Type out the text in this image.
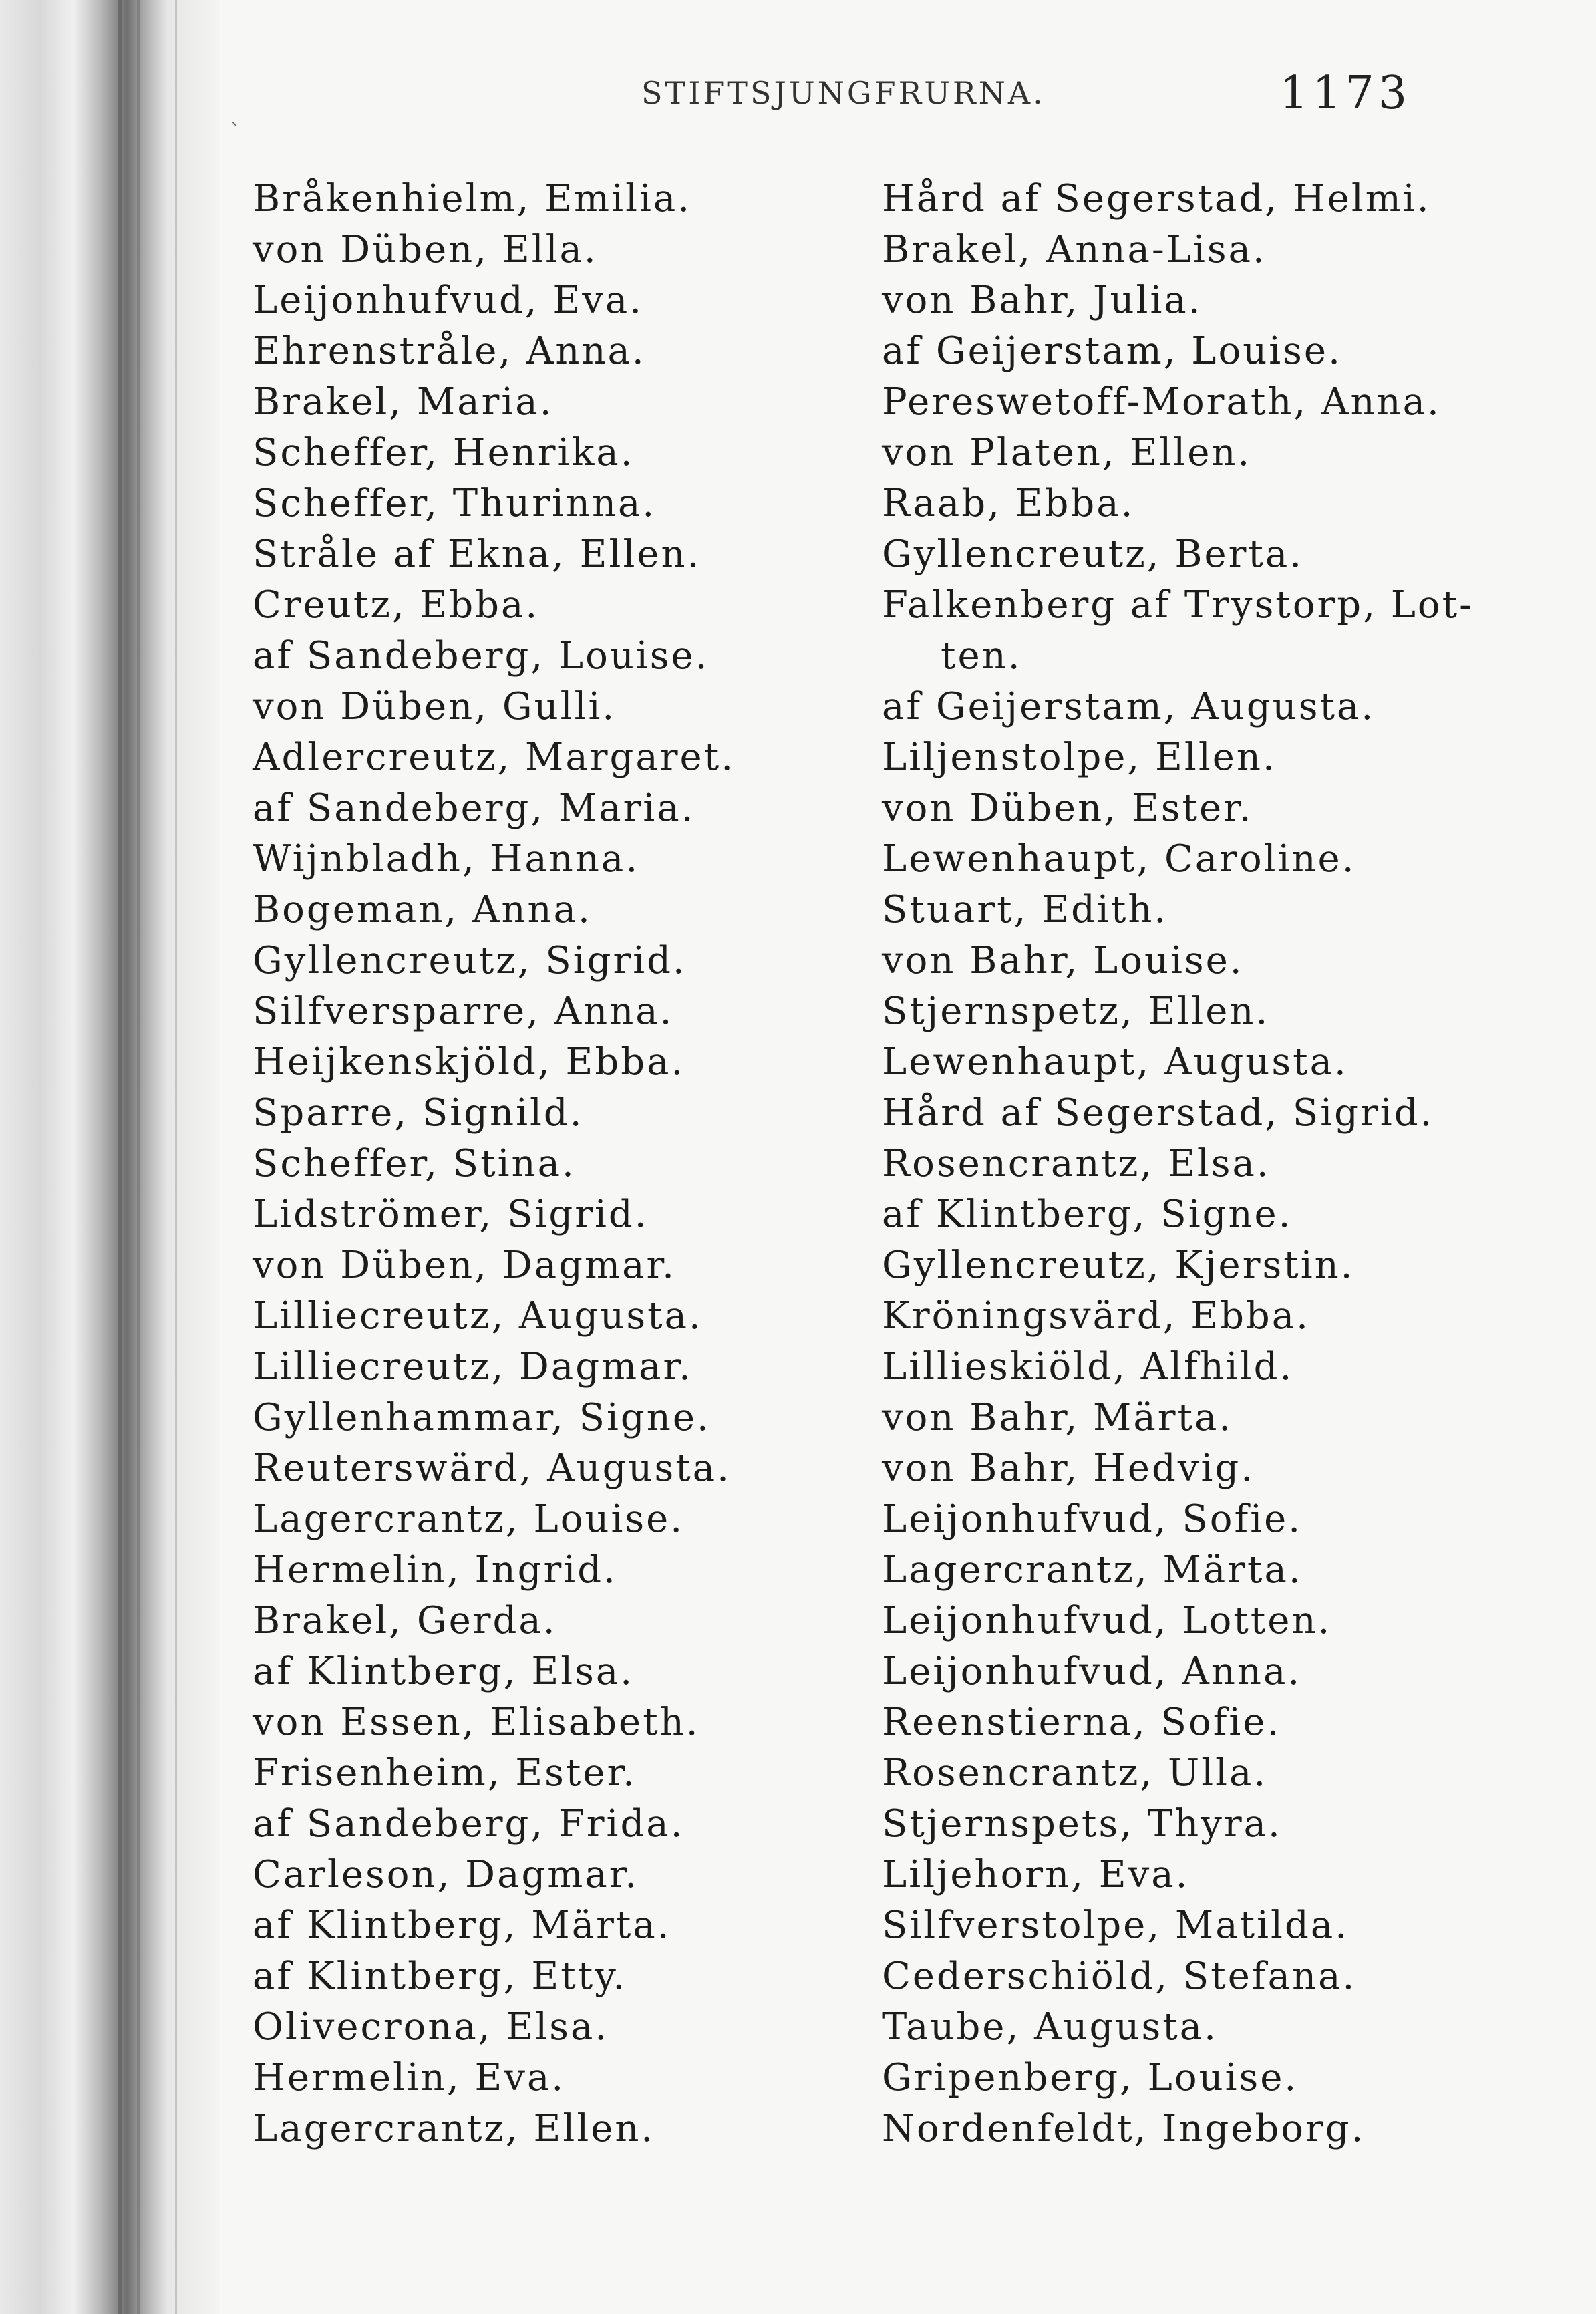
STIFTSJUNGFRURNA.	1173
`
Bråkenhielm, Emilia.
von Düben, Ella.
Leijonhufvud, Eva.
Ehrenstråle, Anna.
Brakel, Maria.
Scheffer, Henrika.
Scheffer, Thurinna.
Stråle af Ekna, Ellen.
Creutz, Ebba.
af Sandeberg, Louise.
von Düben, Gulli.
Adlercreutz, Margaret.
af Sandeberg, Maria.
Wijnbladh, Hanna.
Bogeman, Anna.
Gyllencreutz, Sigrid.
Silfversparre, Anna.
Heijkenskjöld, Ebba.
Sparre, Signild.
Scheffer, Stina.
Lidströmer, Sigrid.
von Düben, Dagmar.
Lilliecreutz, Augusta.
Lilliecreutz, Dagmar.
Gyllenhammar, Signe.
Reuterswärd, Augusta.
Lagercrantz, Louise.
Hermelin, Ingrid.
Brakel, Gerda.
af Klintberg, Elsa.
von Essen, Elisabeth.
Frisenheim, Ester.
af Sandeberg, Frida.
Carleson, Dagmar.
af Klintberg, Märta.
af Klintberg, Etty.
Olivecrona, Elsa.
Hermelin, Eva.
Lagercrantz, Ellen.
Hård af Segerstad, Helmi.
Brakel, Anna-Lisa.
von Bahr, Julia.
af Geijerstam, Louise.
Pereswetoff-Morath, Anna.
von Platen, Ellen.
Raab, Ebba.
Gyllencreutz, Berta.
Falkenberg af Trystorp, Lot-
ten.
af Geijerstam, Augusta.
Liljenstolpe, Ellen.
von Düben, Ester.
Lewenhaupt, Caroline.
Stuart, Edith.
von Bahr, Louise.
Stjernspetz, Ellen.
Lewenhaupt, Augusta.
Hård af Segerstad, Sigrid.
Rosencrantz, Elsa.
af Klintberg, Signe.
Gyllencreutz, Kjerstin.
Kröningsvärd, Ebba.
Lillieskiöld, Alfhild.
von Bahr, Märta.
von Bahr, Hedvig.
Leijonhufvud, Sofie.
Lagercrantz, Märta.
Leijonhufvud, Lotten.
Leijonhufvud, Anna.
Reenstierna, Sofie.
Rosencrantz, Ulla.
Stjernspets, Thyra.
Liljehorn, Eva.
Silfverstolpe, Matilda.
Cederschiöld, Stefana.
Taube, Augusta.
Gripenberg, Louise.
Nordenfeldt, Ingeborg.
